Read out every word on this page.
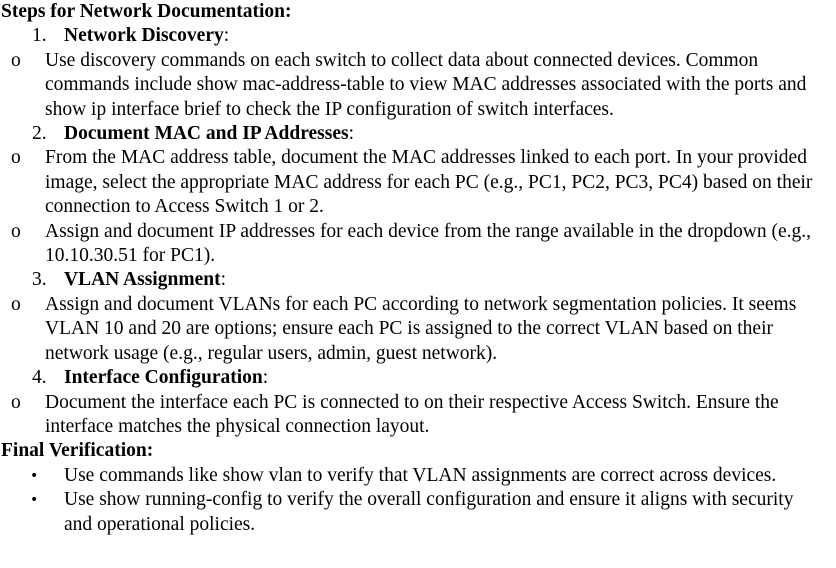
Steps for Network Documentation:
1. Network Discovery:
o Use discovery commands on each switch to collect data about connected devices. Common commands include show mac-address-table to view MAC addresses associated with the ports and show ip interface brief to check the IP configuration of switch interfaces.
2. Document MAC and IP Addresses:
o From the MAC address table, document the MAC addresses linked to each port. In your provided image, select the appropriate MAC address for each PC (e.g., PC1, PC2, PC3, PC4) based on their connection to Access Switch 1 or 2.
o Assign and document IP addresses for each device from the range available in the dropdown (e.g., 10.10.30.51 for PC1).
3. VLAN Assignment:
o Assign and document VLANs for each PC according to network segmentation policies. It seems VLAN 10 and 20 are options; ensure each PC is assigned to the correct VLAN based on their network usage (e.g., regular users, admin, guest network).
4. Interface Configuration:
o Document the interface each PC is connected to on their respective Access Switch. Ensure the interface matches the physical connection layout.
Final Verification:
• Use commands like show vlan to verify that VLAN assignments are correct across devices.
• Use show running-config to verify the overall configuration and ensure it aligns with security and operational policies.
